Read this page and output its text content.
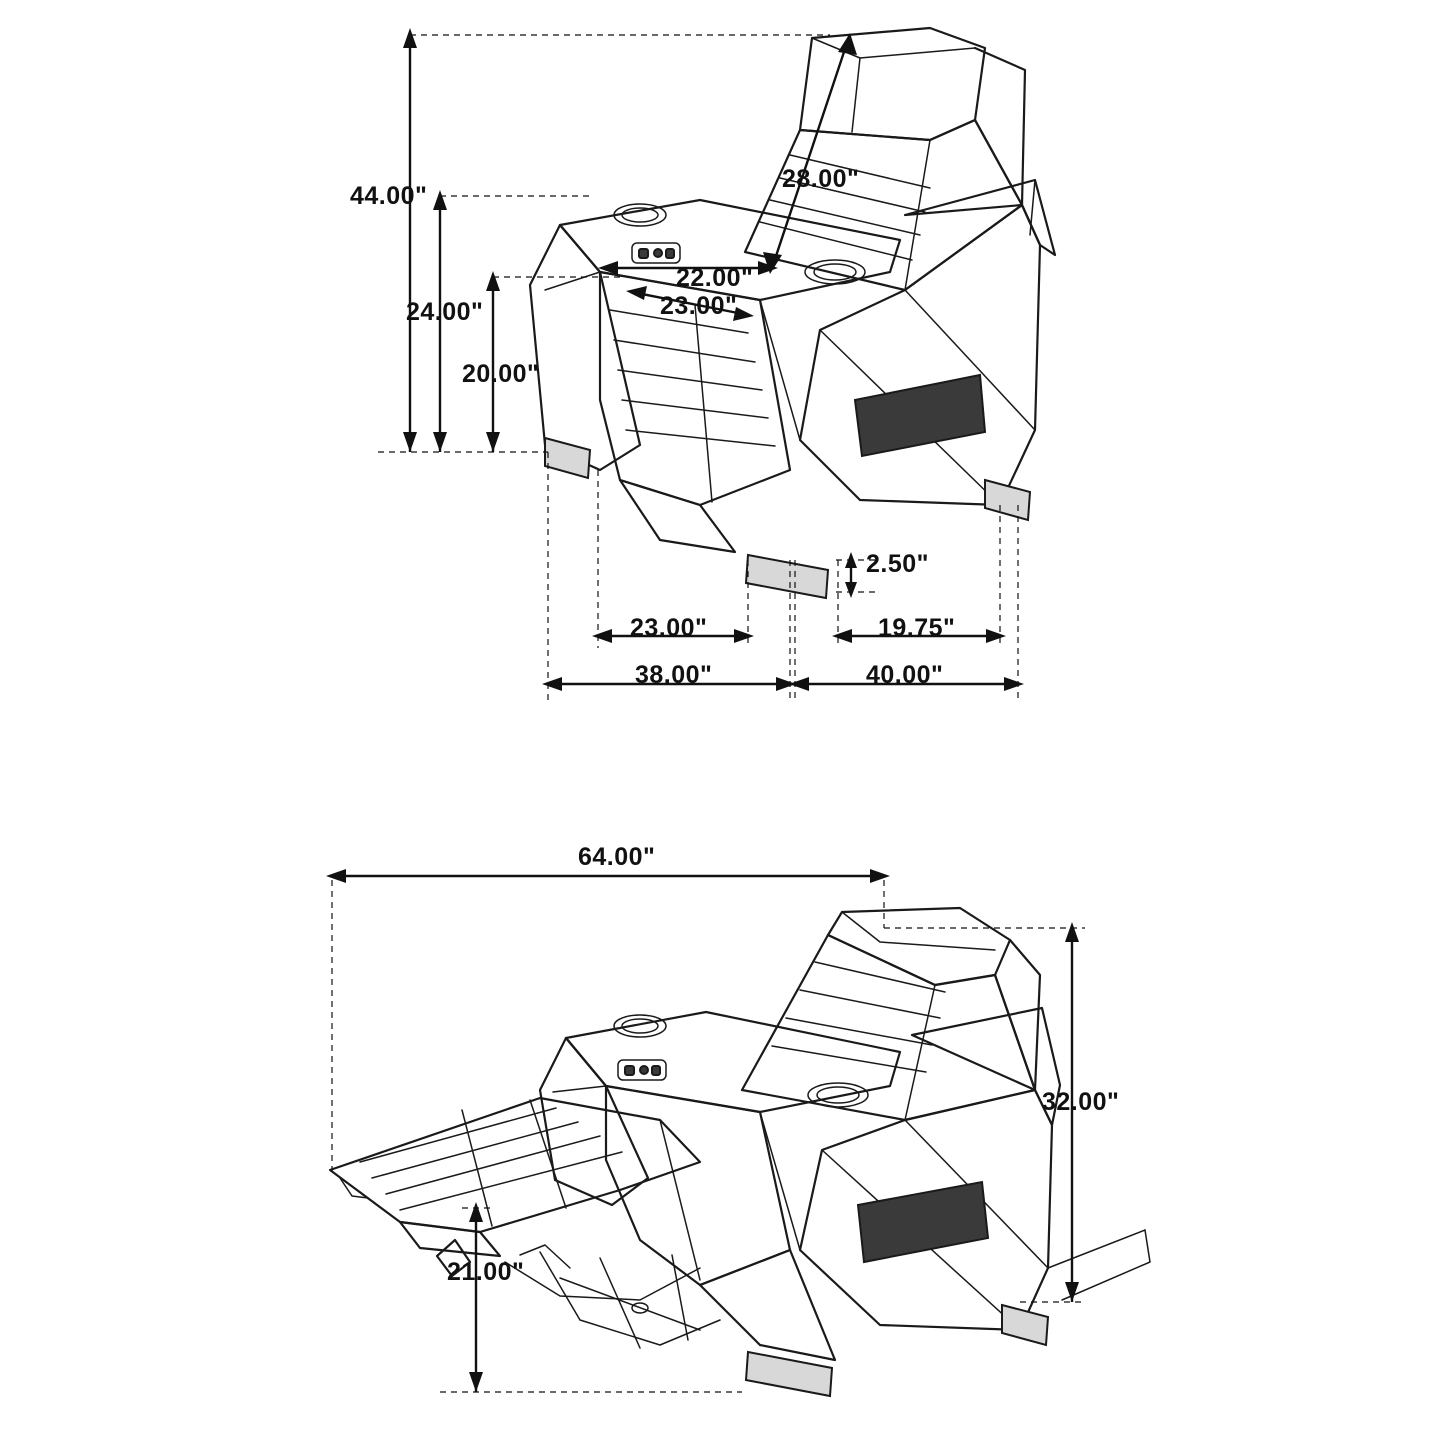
44.00"
28.00"
24.00"
20.00"
22.00"
23.00"
2.50"
23.00"
38.00"
19.75"
40.00"
64.00"
32.00"
21.00"
